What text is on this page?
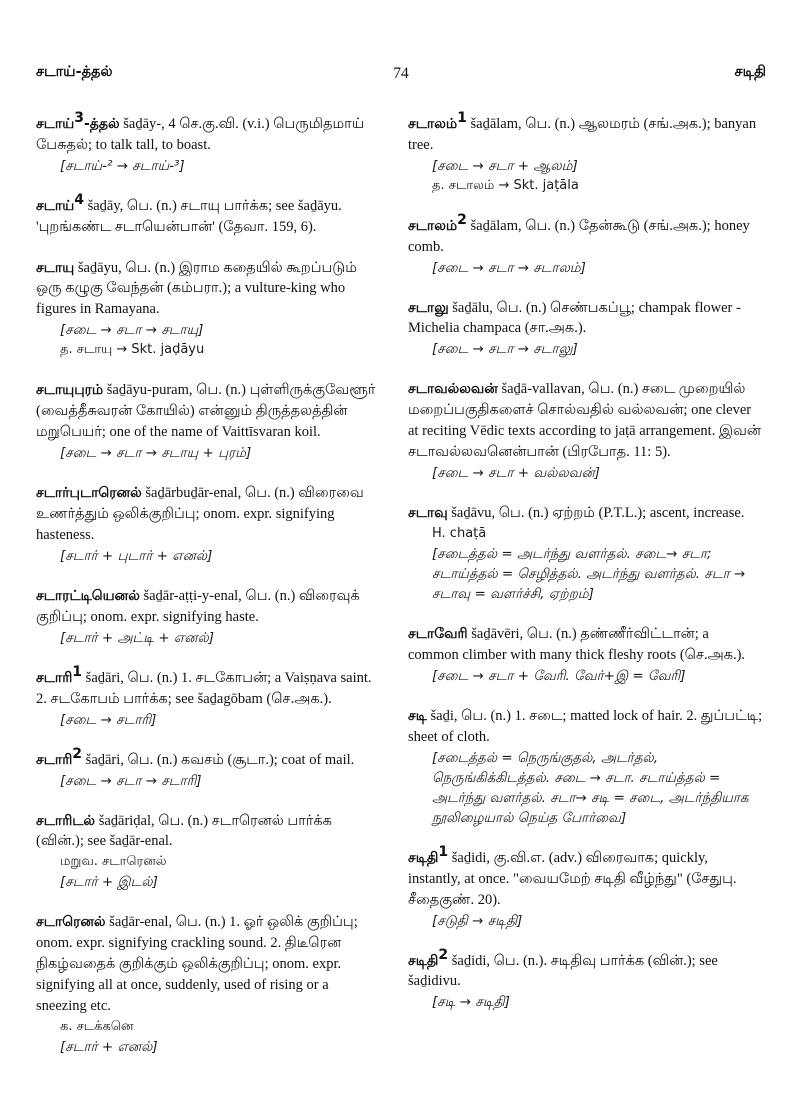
சடாய்-த்தல்	74	சடிதி
சடாய்$^3$-த்தல் šaḏāy-, 4 செ.கு.வி. (v.i.) பெருமிதமாய் பேசுதல்; to talk tall, to boast.
[சடாய்-² → சடாய்-³]
சடாய்$^4$ šaḏāy, பெ. (n.) சடாயு பார்க்க; see šaḏāyu. 'புறங்கண்ட சடாயென்பான்' (தேவா. 159, 6).
சடாயு šaḏāyu, பெ. (n.) இராம கதையில் கூறப்படும் ஒரு கழுகு வேந்தன் (கம்பரா.); a vulture-king who figures in Ramayana.
[சடை → சடா → சடாயு]
த. சடாயு → Skt. jaḍāyu
சடாயுபுரம் šaḏāyu-puram, பெ. (n.) புள்ளிருக்குவேளூர் (வைத்தீசுவரன் கோயில்) என்னும் திருத்தலத்தின் மறுபெயர்; one of the name of Vaittīsvaran koil.
[சடை → சடா → சடாயு + புரம்]
சடார்புடாரெனல் šaḏārbuḏār-enal, பெ. (n.) விரைவை உணர்த்தும் ஒலிக்குறிப்பு; onom. expr. signifying hasteness.
[சடார் + புடார் + எனல்]
சடாரட்டியெனல் šaḏār-aṭṭi-y-enal, பெ. (n.) விரைவுக் குறிப்பு; onom. expr. signifying haste.
[சடார் + அட்டி + எனல்]
சடாரி$^1$ šaḏāri, பெ. (n.) 1. சடகோபன்; a Vaiṣṇava saint. 2. சடகோபம் பார்க்க; see šaḏagōbam (செ.அக.).
[சடை → சடாரி]
சடாரி$^2$ šaḏāri, பெ. (n.) கவசம் (சூடா.); coat of mail.
[சடை → சடா → சடாரி]
சடாரிடல் šaḏāriḍal, பெ. (n.) சடாரெனல் பார்க்க (வின்.); see šaḏār-enal.
மறுவ. சடாரெனல்
[சடார் + இடல்]
சடாரெனல் šaḏār-enal, பெ. (n.) 1. ஓர் ஒலிக் குறிப்பு; onom. expr. signifying crackling sound. 2. திடீரென நிகழ்வதைக் குறிக்கும் ஒலிக்குறிப்பு; onom. expr. signifying all at once, suddenly, used of rising or a sneezing etc.
க. சடக்கனெ
[சடார் + எனல்]
சடாலம்$^1$ šaḏālam, பெ. (n.) ஆலமரம் (சங்.அக.); banyan tree.
[சடை → சடா + ஆலம்]
த. சடாலம் → Skt. jaṭāla
சடாலம்$^2$ šaḏālam, பெ. (n.) தேன்கூடு (சங்.அக.); honey comb.
[சடை → சடா → சடாலம்]
சடாலு šaḏālu, பெ. (n.) செண்பகப்பூ; champak flower - Michelia champaca (சா.அக.).
[சடை → சடா → சடாலு]
சடாவல்லவன் šaḏā-vallavan, பெ. (n.) சடை முறையில் மறைப்பகுதிகளைச் சொல்வதில் வல்லவன்; one clever at reciting Vēdic texts according to jaṭā arrangement. இவன் சடாவல்லவனென்பான் (பிரபோத. 11: 5).
[சடை → சடா + வல்லவன்]
சடாவு šaḏāvu, பெ. (n.) ஏற்றம் (P.T.L.); ascent, increase.
H. chaṭā
[சடைத்தல் = அடர்ந்து வளர்தல். சடை→ சடா; சடாய்த்தல் = செழித்தல். அடர்ந்து வளர்தல். சடா → சடாவு = வளர்ச்சி, ஏற்றம்]
சடாவேரி šaḏāvēri, பெ. (n.) தண்ணீர்விட்டான்; a common climber with many thick fleshy roots (செ.அக.).
[சடை → சடா + வேரி. வேர்+இ = வேரி]
சடி šaḏi, பெ. (n.) 1. சடை; matted lock of hair. 2. துப்பட்டி; sheet of cloth.
[சடைத்தல் = நெருங்குதல், அடர்தல், நெருங்கிக்கிடத்தல். சடை → சடா. சடாய்த்தல் = அடர்ந்து வளர்தல். சடா→ சடி = சடை, அடர்ந்தியாக நூலிழையால் நெய்த போர்வை]
சடிதி$^1$ šaḏidi, கு.வி.எ. (adv.) விரைவாக; quickly, instantly, at once. "வையமேற் சடிதி வீழ்ந்து" (சேதுபு. சீதைகுண். 20).
[சடுதி → சடிதி]
சடிதி$^2$ šaḏidi, பெ. (n.). சடிதிவு பார்க்க (வின்.); see šaḏidivu.
[சடி → சடிதி]
